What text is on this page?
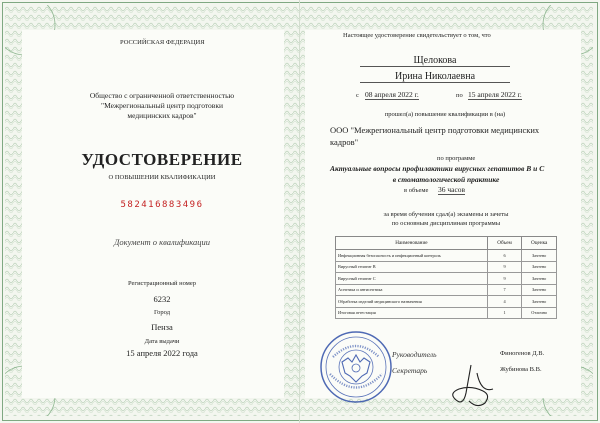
РОССИЙСКАЯ ФЕДЕРАЦИЯ
Общество с ограниченной ответственностью
"Межрегиональный центр подготовки
медицинских кадров"
УДОСТОВЕРЕНИЕ
О ПОВЫШЕНИИ КВАЛИФИКАЦИИ
582416883496
Документ о квалификации
Регистрационный номер
6232
Город
Пенза
Дата выдачи
15 апреля 2022 года
Настоящее удостоверение свидетельствует о том, что
Щелокова
Ирина Николаевна
с 08 апреля 2022 г.	по 15 апреля 2022 г.
прошел(а) повышение квалификации в (на)
ООО "Межрегиональный центр подготовки медицинских
кадров"
по программе
Актуальные вопросы профилактики вирусных гепатитов В и С
в стоматологической практике
в объеме 36 часов
за время обучения сдал(а) экзамены и зачеты
по основным дисциплинам программы
Наименование	Объем	Оценка
Инфекционная безопасность и инфекционный контроль	6	Зачтено
Вирусный гепатит В	9	Зачтено
Вирусный гепатит С	9	Зачтено
Асептика и антисептика	7	Зачтено
Обработка изделий медицинского назначения	4	Зачтено
Итоговая аттестация	1	Отлично
Руководитель	Финогенов Д.В.
Секретарь	Жубинова В.В.
